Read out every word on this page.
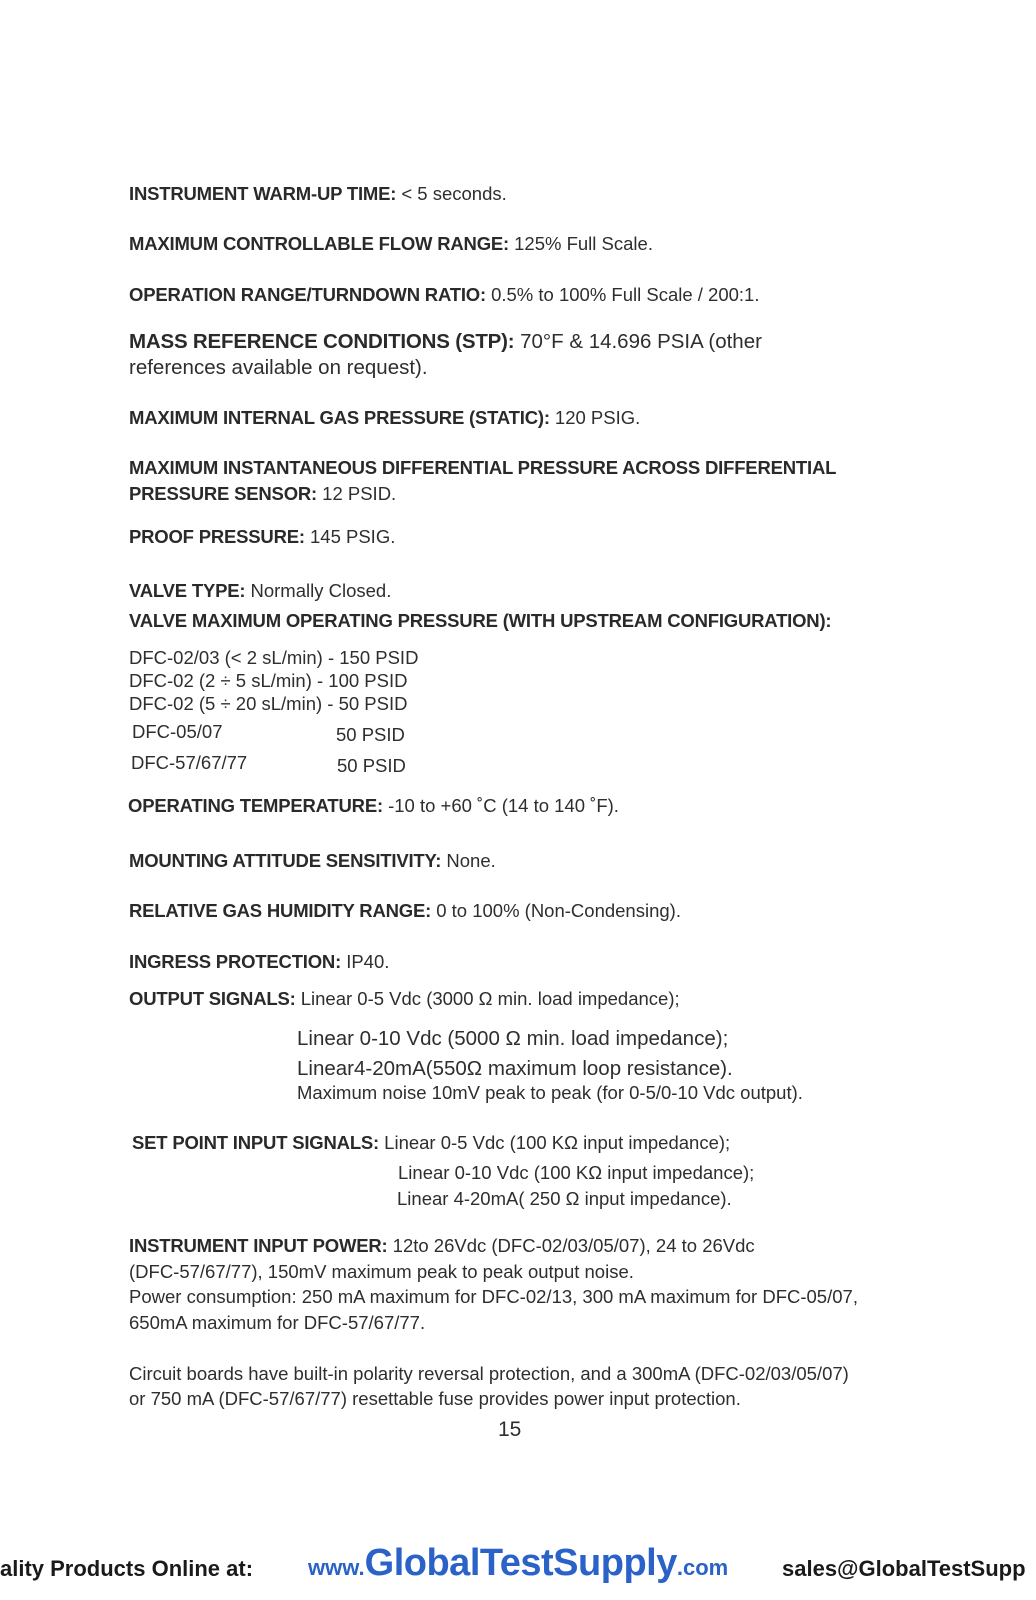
INSTRUMENT WARM-UP TIME: < 5 seconds.
MAXIMUM CONTROLLABLE FLOW RANGE: 125% Full Scale.
OPERATION RANGE/TURNDOWN RATIO: 0.5% to 100% Full Scale / 200:1.
MASS REFERENCE CONDITIONS (STP): 70°F & 14.696 PSIA (other
references available on request).
MAXIMUM INTERNAL GAS PRESSURE (STATIC): 120 PSIG.
MAXIMUM INSTANTANEOUS DIFFERENTIAL PRESSURE ACROSS DIFFERENTIAL
PRESSURE SENSOR: 12 PSID.
PROOF PRESSURE: 145 PSIG.
VALVE TYPE: Normally Closed.
VALVE MAXIMUM OPERATING PRESSURE (WITH UPSTREAM CONFIGURATION):
DFC-02/03 (< 2 sL/min) - 150 PSID
DFC-02 (2 ÷ 5 sL/min) - 100 PSID
DFC-02 (5 ÷ 20 sL/min) - 50 PSID
DFC-05/07	50 PSID
DFC-57/67/77	50 PSID
OPERATING TEMPERATURE: -10 to +60 ˚C (14 to 140 ˚F).
MOUNTING ATTITUDE SENSITIVITY: None.
RELATIVE GAS HUMIDITY RANGE: 0 to 100% (Non-Condensing).
INGRESS PROTECTION: IP40.
OUTPUT SIGNALS: Linear 0-5 Vdc (3000 Ω min. load impedance);
Linear 0-10 Vdc (5000 Ω min. load impedance);
Linear4-20mA(550Ω maximum loop resistance).
Maximum noise 10mV peak to peak (for 0-5/0-10 Vdc output).
SET POINT INPUT SIGNALS: Linear 0-5 Vdc (100 KΩ input impedance);
Linear 0-10 Vdc (100 KΩ input impedance);
Linear 4-20mA( 250 Ω input impedance).
INSTRUMENT INPUT POWER: 12to 26Vdc (DFC-02/03/05/07), 24 to 26Vdc
(DFC-57/67/77), 150mV maximum peak to peak output noise.
Power consumption: 250 mA maximum for DFC-02/13, 300 mA maximum for DFC-05/07,
650mA maximum for DFC-57/67/77.
Circuit boards have built-in polarity reversal protection, and a 300mA (DFC-02/03/05/07)
or 750 mA (DFC-57/67/77) resettable fuse provides power input protection.
15
ality Products Online at: www.GlobalTestSupply.com sales@GlobalTestSupp
